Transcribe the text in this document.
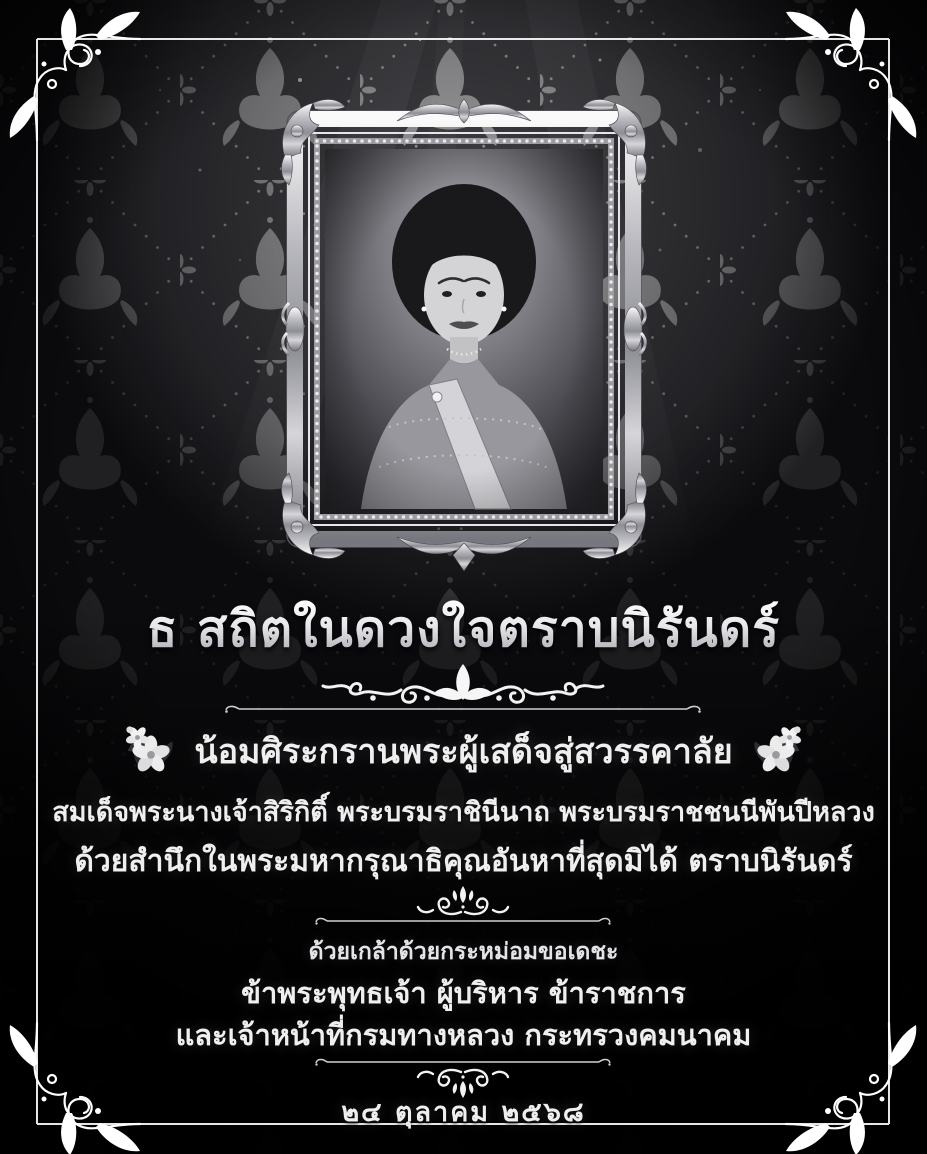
ธ สถิตในดวงใจตราบนิรันดร์
น้อมศิระกรานพระผู้เสด็จสู่สวรรคาลัย
สมเด็จพระนางเจ้าสิริกิติ์ พระบรมราชินีนาถ พระบรมราชชนนีพันปีหลวง
ด้วยสำนึกในพระมหากรุณาธิคุณอันหาที่สุดมิได้ ตราบนิรันดร์
ด้วยเกล้าด้วยกระหม่อมขอเดชะ
ข้าพระพุทธเจ้า ผู้บริหาร ข้าราชการ
และเจ้าหน้าที่กรมทางหลวง กระทรวงคมนาคม
๒๔ ตุลาคม ๒๕๖๘
